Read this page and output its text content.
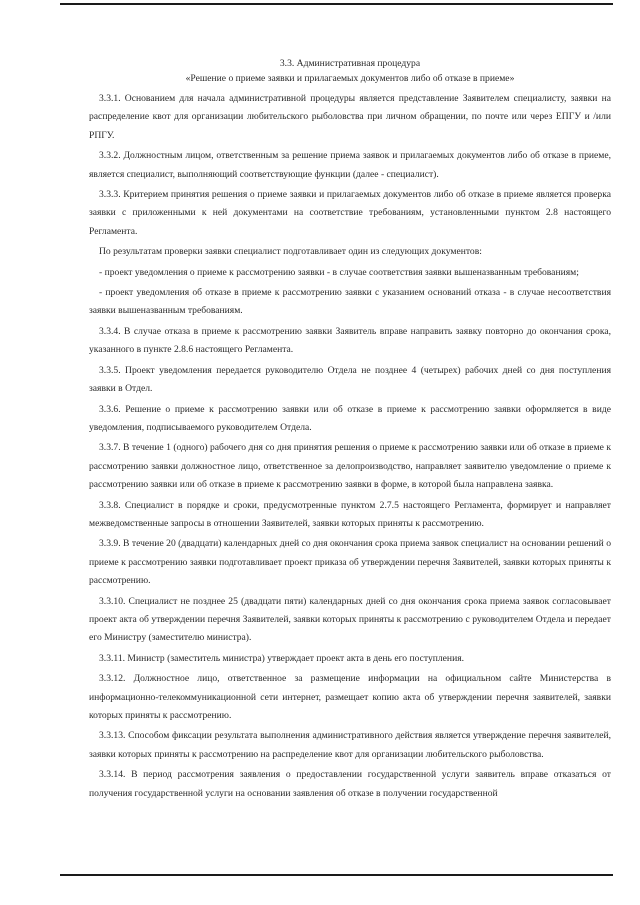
3.3. Административная процедура

«Решение о приеме заявки и прилагаемых документов либо об отказе в приеме»

3.3.1. Основанием для начала административной процедуры является представление Заявителем специалисту, заявки на распределение квот для организации любительского рыболовства при личном обращении, по почте или через ЕПГУ и /или РПГУ.

3.3.2. Должностным лицом, ответственным за решение приема заявок и прилагаемых документов либо об отказе в приеме, является специалист, выполняющий соответствующие функции (далее - специалист).

3.3.3. Критерием принятия решения о приеме заявки и прилагаемых документов либо об отказе в приеме является проверка заявки с приложенными к ней документами на соответствие требованиям, установленными пунктом 2.8 настоящего Регламента.

По результатам проверки заявки специалист подготавливает один из следующих документов:

- проект уведомления о приеме к рассмотрению заявки - в случае соответствия заявки вышеназванным требованиям;

- проект уведомления об отказе в приеме к рассмотрению заявки с указанием оснований отказа - в случае несоответствия заявки вышеназванным требованиям.

3.3.4. В случае отказа в приеме к рассмотрению заявки Заявитель вправе направить заявку повторно до окончания срока, указанного в пункте 2.8.6 настоящего Регламента.

3.3.5. Проект уведомления передается руководителю Отдела не позднее 4 (четырех) рабочих дней со дня поступления заявки в Отдел.

3.3.6. Решение о приеме к рассмотрению заявки или об отказе в приеме к рассмотрению заявки оформляется в виде уведомления, подписываемого руководителем Отдела.

3.3.7. В течение 1 (одного) рабочего дня со дня принятия решения о приеме к рассмотрению заявки или об отказе в приеме к рассмотрению заявки должностное лицо, ответственное за делопроизводство, направляет заявителю уведомление о приеме к рассмотрению заявки или об отказе в приеме к рассмотрению заявки в форме, в которой была направлена заявка.

3.3.8. Специалист в порядке и сроки, предусмотренные пунктом 2.7.5 настоящего Регламента, формирует и направляет межведомственные запросы в отношении Заявителей, заявки которых приняты к рассмотрению.

3.3.9. В течение 20 (двадцати) календарных дней со дня окончания срока приема заявок специалист на основании решений о приеме к рассмотрению заявки подготавливает проект приказа об утверждении перечня Заявителей, заявки которых приняты к рассмотрению.

3.3.10. Специалист не позднее 25 (двадцати пяти) календарных дней со дня окончания срока приема заявок согласовывает проект акта об утверждении перечня Заявителей, заявки которых приняты к рассмотрению с руководителем Отдела и передает его Министру (заместителю министра).

3.3.11. Министр (заместитель министра) утверждает проект акта в день его поступления.

3.3.12. Должностное лицо, ответственное за размещение информации на официальном сайте Министерства в информационно-телекоммуникационной сети интернет, размещает копию акта об утверждении перечня заявителей, заявки которых приняты к рассмотрению.

3.3.13. Способом фиксации результата выполнения административного действия является утверждение перечня заявителей, заявки которых приняты к рассмотрению на распределение квот для организации любительского рыболовства.

3.3.14. В период рассмотрения заявления о предоставлении государственной услуги заявитель вправе отказаться от получения государственной услуги на основании заявления об отказе в получении государственной
